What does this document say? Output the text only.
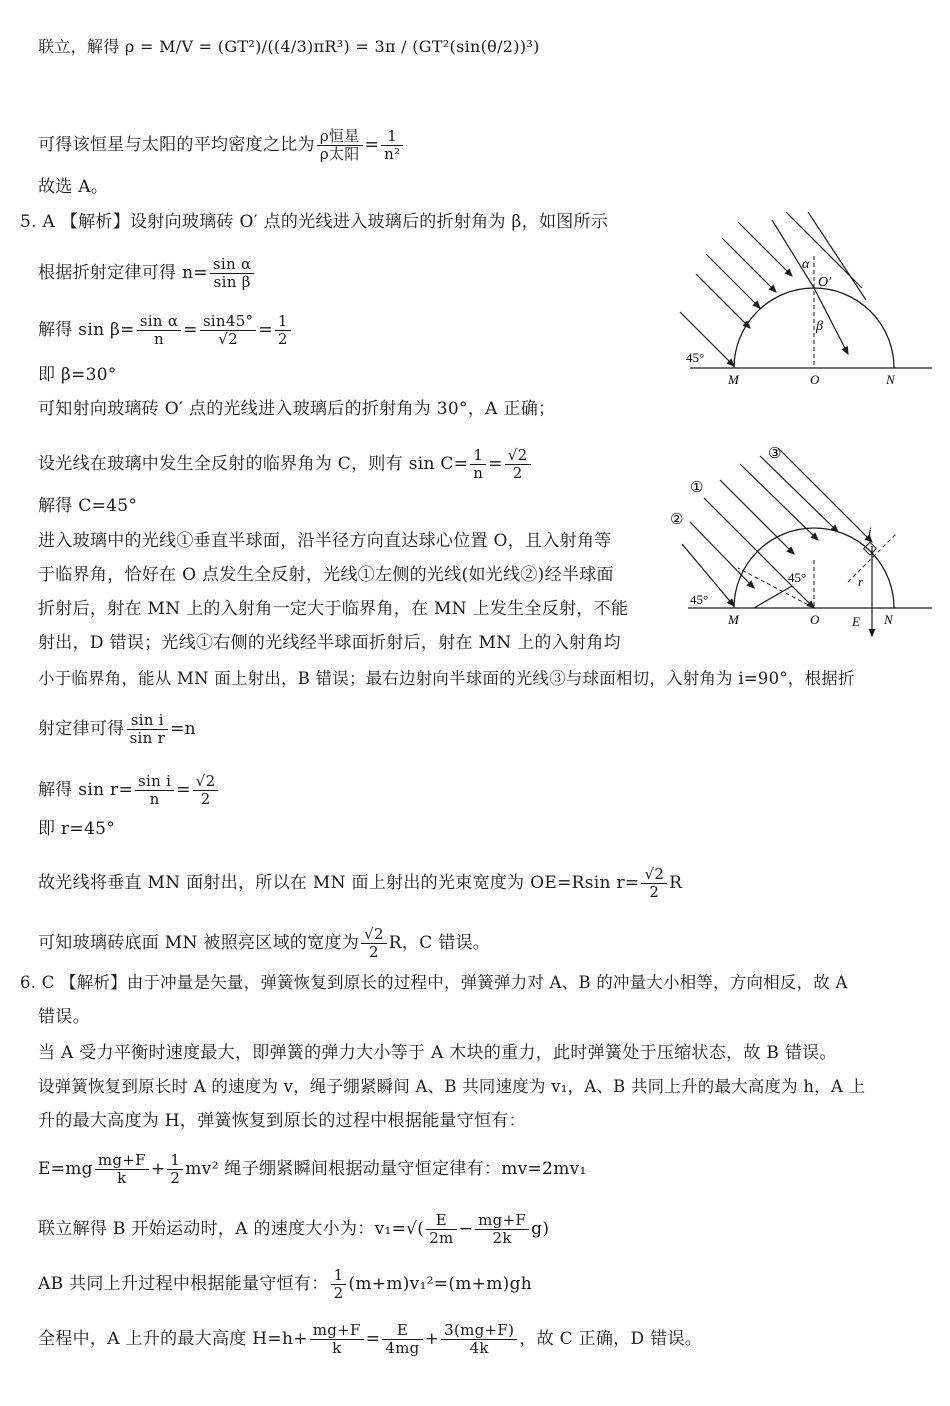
联立，解得 ρ = M/V = (GT²)/((4/3)πR³) = 3π / (GT²(sin(θ/2))³)
可得该恒星与太阳的平均密度之比为 $\frac{\text{ρ恒星}}{\text{ρ太阳}} = \frac{1}{\text{n²}}$
故选 A。
5. A 【解析】设射向玻璃砖 O′ 点的光线进入玻璃后的折射角为 β，如图所示
根据折射定律可得 $n= \frac{\text{sin α}}{\text{sin β}}$
解得 $\sin \beta= \frac{\text{sin α}}{n} = \frac{\sin 45^\circ}{√2} = \frac{1}{2}$
即 β=30°
可知射向玻璃砖 O′ 点的光线进入玻璃后的折射角为 30°，A 正确；
设光线在玻璃中发生全反射的临界角为 C，则有 $\sin C= \frac{1}{n} = \frac{√2}{2}$
解得 C=45°
进入玻璃中的光线①垂直半球面，沿半径方向直达球心位置 O，且入射角等
于临界角，恰好在 O 点发生全反射，光线①左侧的光线(如光线②)经半球面
折射后，射在 MN 上的入射角一定大于临界角，在 MN 上发生全反射，不能
射出，D 错误；光线①右侧的光线经半球面折射后，射在 MN 上的入射角均
小于临界角，能从 MN 面上射出，B 错误；最右边射向半球面的光线③与球面相切，入射角为 i=90°，根据折
射定律可得 $\frac{\text{sin i}}{\text{sin r}} =n$
解得 $\sin r= \frac{\text{sin i}}{n} = \frac{√2}{2}$
即 r=45°
故光线将垂直 MN 面射出，所以在 MN 面上射出的光束宽度为 OE=Rsin $r= \frac{√2}{2}$ R
可知玻璃砖底面 MN 被照亮区域的宽度为 $\frac{√2}{2}$ R，C 错误。
6. C 【解析】由于冲量是矢量，弹簧恢复到原长的过程中，弹簧弹力对 A、B 的冲量大小相等，方向相反，故 A
错误。
当 A 受力平衡时速度最大，即弹簧的弹力大小等于 A 木块的重力，此时弹簧处于压缩状态，故 B 错误。
设弹簧恢复到原长时 A 的速度为 v，绳子绷紧瞬间 A、B 共同速度为 v₁，A、B 共同上升的最大高度为 h，A 上
升的最大高度为 H，弹簧恢复到原长的过程中根据能量守恒有：
$E=mg \frac{mg+F}{k} + \frac{1}{2} mv^2$ 绳子绷紧瞬间根据动量守恒定律有：mv=2mv₁
联立解得 B 开始运动时，A 的速度大小为：$v_1=√( \frac{E}{2m} - \frac{mg+F}{2k} g)$
AB 共同上升过程中根据能量守恒有： $\frac{1}{2} (m+m)v_1^2=(m+m)gh$
全程中，A 上升的最大高度 $H=h+ \frac{mg+F}{k} = \frac{E}{4mg} + \frac{3(mg+F)}{4k}$ ，故 C 正确，D 错误。
α
O′
β
45°
M	O	N
③
①
②
45°
45°
i
r
M	O	E N
